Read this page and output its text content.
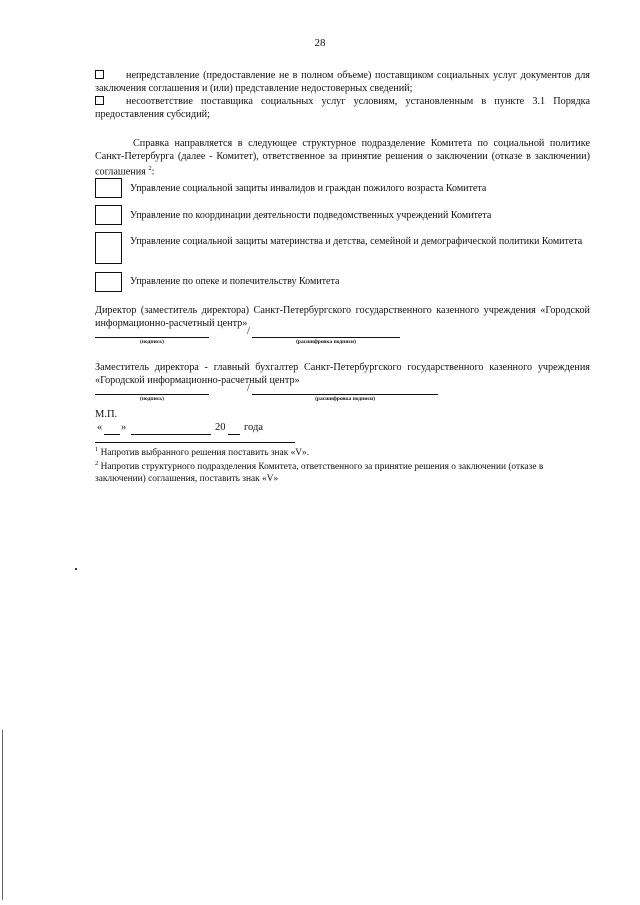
28
непредставление (предоставление не в полном объеме) поставщиком социальных услуг документов для заключения соглашения и (или) представление недостоверных сведений;
несоответствие поставщика социальных услуг условиям, установленным в пункте 3.1 Порядка предоставления субсидий;
Справка направляется в следующее структурное подразделение Комитета по социальной политике Санкт-Петербурга (далее - Комитет), ответственное за принятие решения о заключении (отказе в заключении) соглашения $^2$:
Управление социальной защиты инвалидов и граждан пожилого возраста Комитета
Управление по координации деятельности подведомственных учреждений Комитета
Управление социальной защиты материнства и детства, семейной и демографической политики Комитета
Управление по опеке и попечительству Комитета
Директор (заместитель директора) Санкт-Петербургского государственного казенного учреждения «Городской информационно-расчетный центр»
/
(подпись)	(расшифровка подписи)
Заместитель директора - главный бухгалтер Санкт-Петербургского государственного казенного учреждения «Городской информационно-расчетный центр»
/
(подпись)	(расшифровка подписи)
М.П.
« »	20 года
$^1$ Напротив выбранного решения поставить знак «V».
$^2$ Напротив структурного подразделения Комитета, ответственного за принятие решения о заключении (отказе в заключении) соглашения, поставить знак «V»
